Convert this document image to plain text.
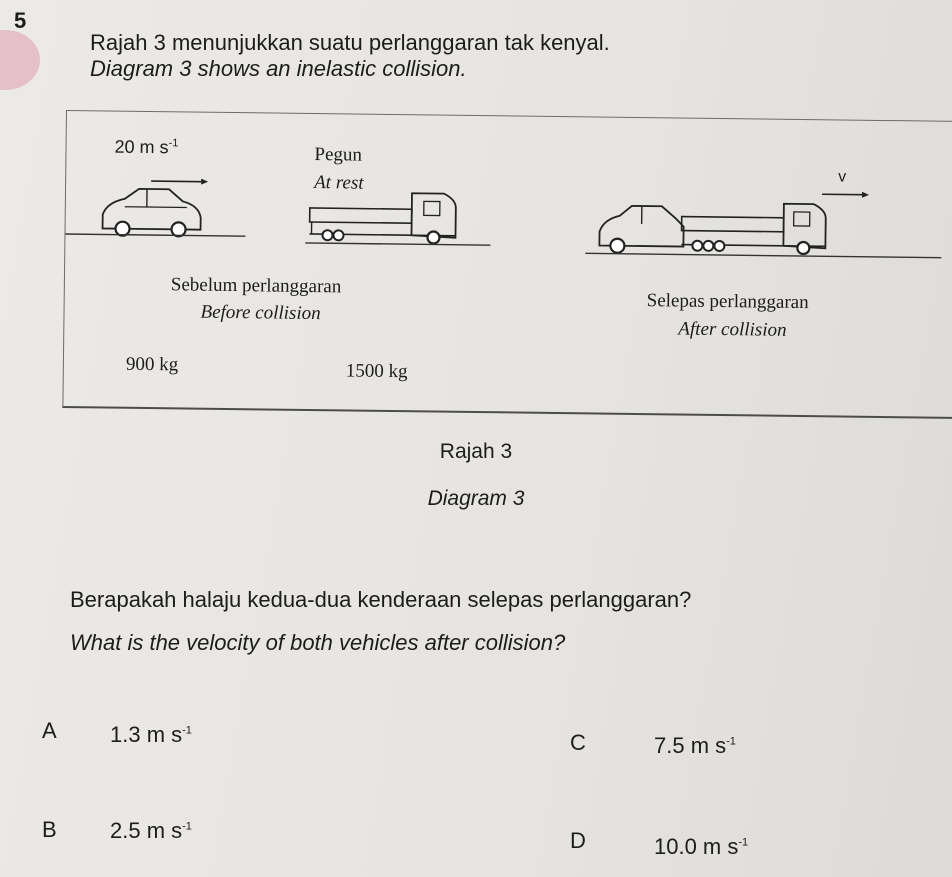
5
Rajah 3 menunjukkan suatu perlanggaran tak kenyal.
Diagram 3 shows an inelastic collision.
20 m $s^{-1}$
Pegun
At rest	v
Sebelum perlanggaran
Before collision	Selepas perlanggaran
After collision
900 kg	1500 kg
Rajah 3
Diagram 3
Berapakah halaju kedua-dua kenderaan selepas perlanggaran?
What is the velocity of both vehicles after collision?
A 1.3 m $s^{-1}$
B 2.5 m $s^{-1}$
C	7.5 m $s^{-1}$
D	10.0 m $s^{-1}$
